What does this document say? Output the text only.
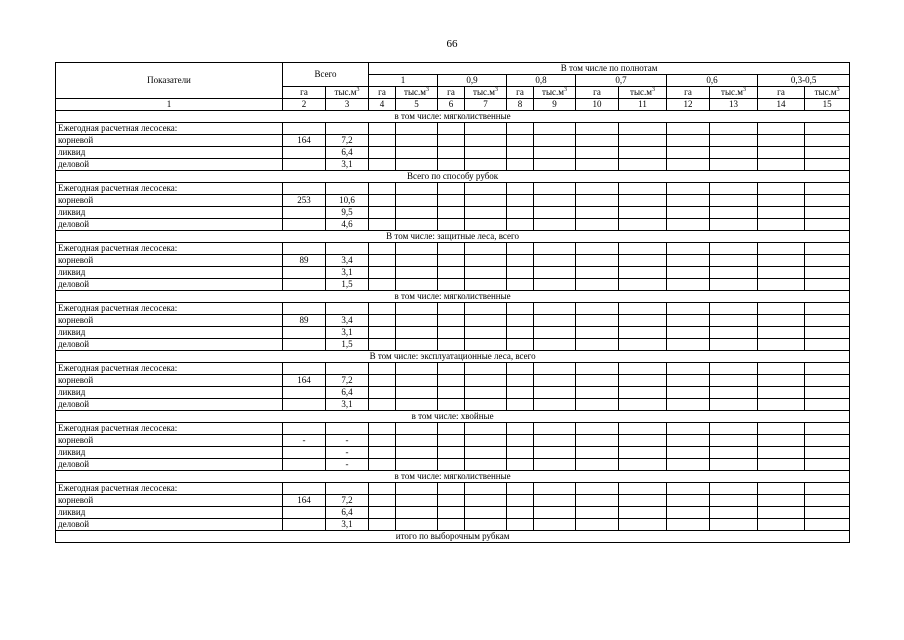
66
Показатели	Всего		В том числе по полнотам											
			1		0,9		0,8		0,7		0,6		0,3-0,5	
	га	$тыс.м^3$	га	$тыс.м^3$	га	$тыс.м^3$	га	$тыс.м^3$	га	$тыс.м^3$	га	$тыс.м^3$	га	$тыс.м^3$
1	2	3	4	5	6	7	8	9	10	11	12	13	14	15
в том числе: мягколиственные														
Ежегодная расчетная лесосека:														
корневой	164	7,2												
ликвид		6,4												
деловой		3,1												
Всего по способу рубок														
Ежегодная расчетная лесосека:														
корневой	253	10,6												
ликвид		9,5												
деловой		4,6												
В том числе: защитные леса, всего														
Ежегодная расчетная лесосека:														
корневой	89	3,4												
ликвид		3,1												
деловой		1,5												
в том числе: мягколиственные														
Ежегодная расчетная лесосека:														
корневой	89	3,4												
ликвид		3,1												
деловой		1,5												
В том числе: эксплуатационные леса, всего														
Ежегодная расчетная лесосека:														
корневой	164	7,2												
ликвид		6,4												
деловой		3,1												
в том числе: хвойные														
Ежегодная расчетная лесосека:														
корневой	-	-												
ликвид		-												
деловой		-												
в том числе: мягколиственные														
Ежегодная расчетная лесосека:														
корневой	164	7,2												
ликвид		6,4												
деловой		3,1												
итого по выборочным рубкам														
